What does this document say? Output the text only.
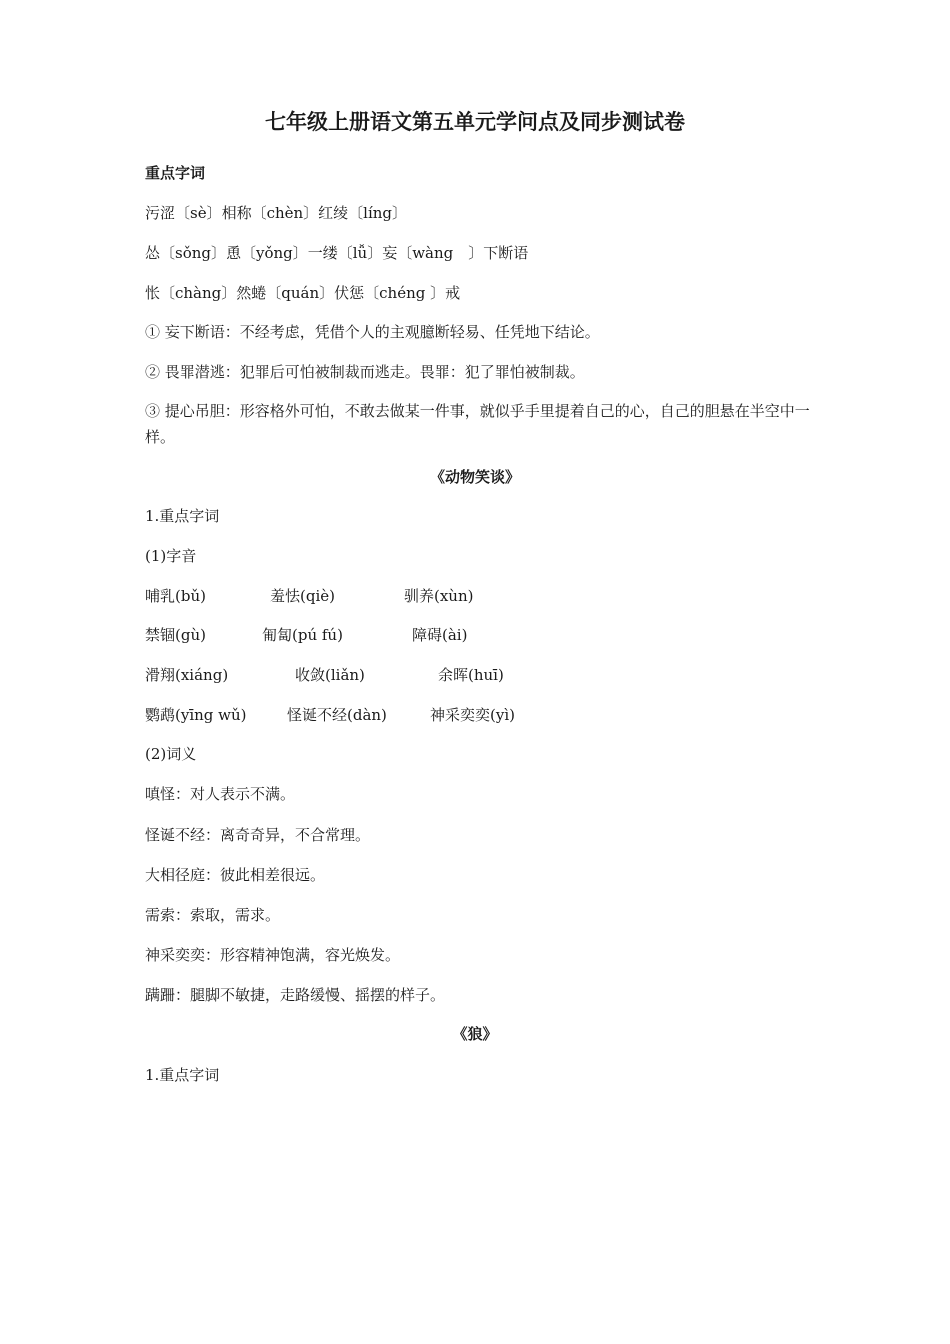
七年级上册语文第五单元学问点及同步测试卷
重点字词
污涩〔sè〕相称〔chèn〕红绫〔líng〕
怂〔sǒng〕恿〔yǒng〕一缕〔lǚ〕妄〔wàng　〕下断语
怅〔chàng〕然蜷〔quán〕伏惩〔chéng 〕戒
① 妄下断语：不经考虑，凭借个人的主观臆断轻易、任凭地下结论。
② 畏罪潜逃：犯罪后可怕被制裁而逃走。畏罪：犯了罪怕被制裁。
③ 提心吊胆：形容格外可怕，不敢去做某一件事，就似乎手里提着自己的心，自己的胆悬在半空中一样。
《动物笑谈》
1.重点字词
(1)字音
哺乳(bǔ)	羞怯(qiè)	驯养(xùn)
禁锢(gù)	匍匐(pú fú)	障碍(ài)
滑翔(xiáng)	收敛(liǎn)	余晖(huī)
鹦鹉(yīng wǔ)	怪诞不经(dàn)	神采奕奕(yì)
(2)词义
嗔怪：对人表示不满。
怪诞不经：离奇奇异，不合常理。
大相径庭：彼此相差很远。
需索：索取，需求。
神采奕奕：形容精神饱满，容光焕发。
蹒跚：腿脚不敏捷，走路缓慢、摇摆的样子。
《狼》
1.重点字词
